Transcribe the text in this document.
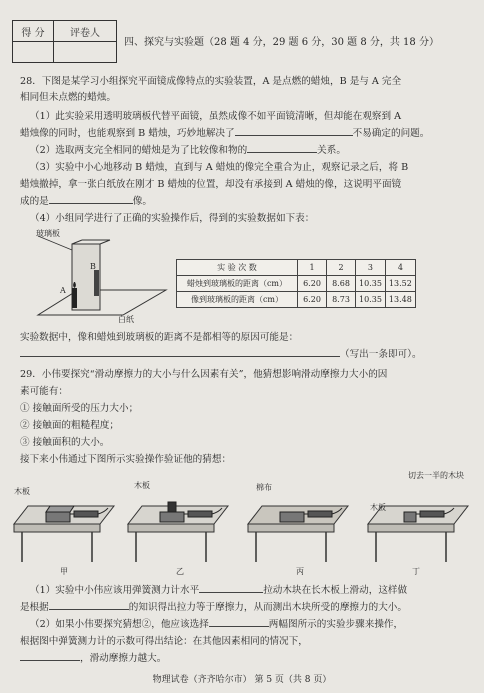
得 分	评卷人

四、探究与实验题（28 题 4 分，29 题 6 分，30 题 8 分，共 18 分）
28．下图是某学习小组探究平面镜成像特点的实验装置，A 是点燃的蜡烛，B 是与 A 完全
相同但未点燃的蜡烛。
（1）此实验采用透明玻璃板代替平面镜，虽然成像不如平面镜清晰，但却能在观察到 A
蜡烛像的同时，也能观察到 B 蜡烛，巧妙地解决了	不易确定的问题。
（2）选取两支完全相同的蜡烛是为了比较像和物的	关系。
（3）实验中小心地移动 B 蜡烛，直到与 A 蜡烛的像完全重合为止，观察记录之后，将 B
蜡烛撤掉，拿一张白纸放在刚才 B 蜡烛的位置，却没有承接到 A 蜡烛的像，这说明平面镜
成的是	像。
（4）小组同学进行了正确的实验操作后，得到的实验数据如下表：
玻璃板
A
B
白纸
实 验 次 数	1	2	3	4
蜡烛到玻璃板的距离（cm）	6.20	8.68	10.35	13.52
像到玻璃板的距离（cm）	6.20	8.73	10.35	13.48
实验数据中，像和蜡烛到玻璃板的距离不是都相等的原因可能是：
（写出一条即可）。
29．小伟要探究“滑动摩擦力的大小与什么因素有关”，他猜想影响滑动摩擦力大小的因
素可能有：
① 接触面所受的压力大小；
② 接触面的粗糙程度；
③ 接触面积的大小。
接下来小伟通过下图所示实验操作验证他的猜想：
木板
木板	棉布
木板
切去一半的木块
甲	乙	丙	丁
（1）实验中小伟应该用弹簧测力计水平	拉动木块在长木板上滑动，这样做
是根据	的知识得出拉力等于摩擦力，从而测出木块所受的摩擦力的大小。
（2）如果小伟要探究猜想②，他应该选择	两幅图所示的实验步骤来操作，
根据图中弹簧测力计的示数可得出结论：在其他因素相同的情况下，
，滑动摩擦力越大。
物理试卷（齐齐哈尔市） 第 5 页（共 8 页）
